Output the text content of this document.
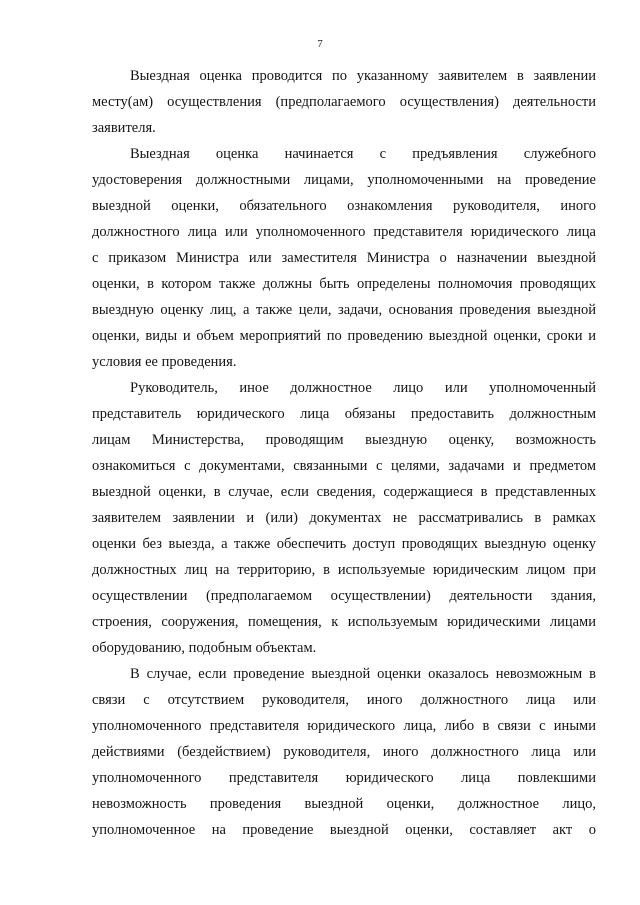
7
Выездная оценка проводится по указанному заявителем в заявлении
месту(ам) осуществления (предполагаемого осуществления) деятельности
заявителя.
Выездная оценка начинается с предъявления служебного
удостоверения должностными лицами, уполномоченными на проведение
выездной оценки, обязательного ознакомления руководителя, иного
должностного лица или уполномоченного представителя юридического лица
с приказом Министра или заместителя Министра о назначении выездной
оценки, в котором также должны быть определены полномочия проводящих
выездную оценку лиц, а также цели, задачи, основания проведения выездной
оценки, виды и объем мероприятий по проведению выездной оценки, сроки и
условия ее проведения.
Руководитель, иное должностное лицо или уполномоченный
представитель юридического лица обязаны предоставить должностным
лицам Министерства, проводящим выездную оценку, возможность
ознакомиться с документами, связанными с целями, задачами и предметом
выездной оценки, в случае, если сведения, содержащиеся в представленных
заявителем заявлении и (или) документах не рассматривались в рамках
оценки без выезда, а также обеспечить доступ проводящих выездную оценку
должностных лиц на территорию, в используемые юридическим лицом при
осуществлении (предполагаемом осуществлении) деятельности здания,
строения, сооружения, помещения, к используемым юридическими лицами
оборудованию, подобным объектам.
В случае, если проведение выездной оценки оказалось невозможным в
связи с отсутствием руководителя, иного должностного лица или
уполномоченного представителя юридического лица, либо в связи с иными
действиями (бездействием) руководителя, иного должностного лица или
уполномоченного представителя юридического лица повлекшими
невозможность проведения выездной оценки, должностное лицо,
уполномоченное на проведение выездной оценки, составляет акт о
